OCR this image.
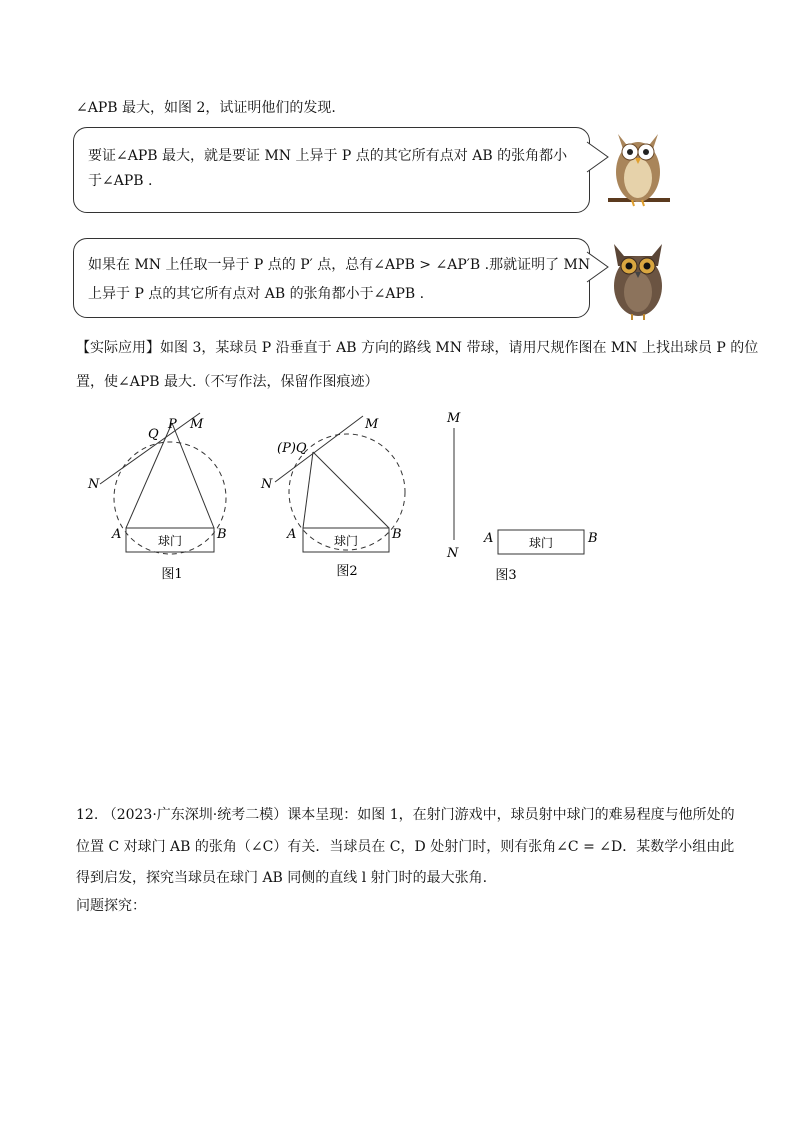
∠APB 最大，如图 2，试证明他们的发现.
要证∠APB 最大，就是要证 MN 上异于 P 点的其它所有点对 AB 的张角都小
于∠APB .
如果在 MN 上任取一异于 P 点的 P′ 点，总有∠APB > ∠AP′B .那就证明了 MN
上异于 P 点的其它所有点对 AB 的张角都小于∠APB .
【实际应用】如图 3，某球员 P 沿垂直于 AB 方向的路线 MN 带球，请用尺规作图在 MN 上找出球员 P 的位
置，使∠APB 最大.（不写作法，保留作图痕迹）
球门
Q
P M
N
A	B
图1
球门
(P)Q
M
N
A	B
图2
球门
M
N
A	B
图3
12. （2023·广东深圳·统考二模）课本呈现：如图 1，在射门游戏中，球员射中球门的难易程度与他所处的
位置 C 对球门 AB 的张角（∠C）有关．当球员在 C，D 处射门时，则有张角∠C = ∠D．某数学小组由此
得到启发，探究当球员在球门 AB 同侧的直线 l 射门时的最大张角.
问题探究：
